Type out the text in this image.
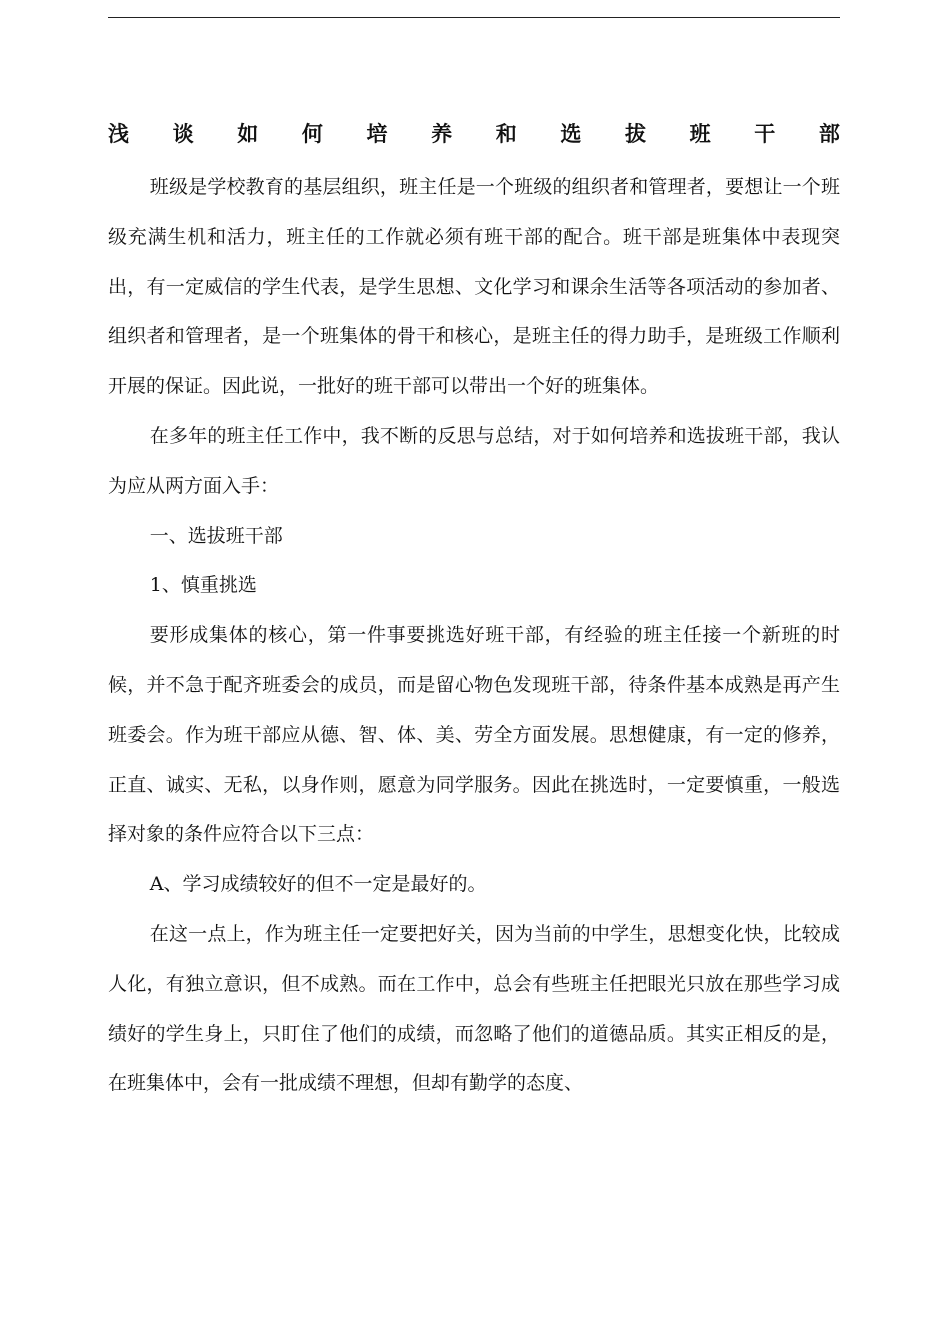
浅 谈 如 何 培 养 和 选 拔 班 干 部

班级是学校教育的基层组织，班主任是一个班级的组织者和管理者，要想让一个班级充满生机和活力，班主任的工作就必须有班干部的配合。班干部是班集体中表现突出，有一定威信的学生代表，是学生思想、文化学习和课余生活等各项活动的参加者、组织者和管理者，是一个班集体的骨干和核心，是班主任的得力助手，是班级工作顺利开展的保证。因此说，一批好的班干部可以带出一个好的班集体。

在多年的班主任工作中，我不断的反思与总结，对于如何培养和选拔班干部，我认为应从两方面入手：

一、选拔班干部

1、慎重挑选

要形成集体的核心，第一件事要挑选好班干部，有经验的班主任接一个新班的时候，并不急于配齐班委会的成员，而是留心物色发现班干部，待条件基本成熟是再产生班委会。作为班干部应从德、智、体、美、劳全方面发展。思想健康，有一定的修养，正直、诚实、无私，以身作则，愿意为同学服务。因此在挑选时，一定要慎重，一般选择对象的条件应符合以下三点：

A、学习成绩较好的但不一定是最好的。

在这一点上，作为班主任一定要把好关，因为当前的中学生，思想变化快，比较成人化，有独立意识，但不成熟。而在工作中，总会有些班主任把眼光只放在那些学习成绩好的学生身上，只盯住了他们的成绩，而忽略了他们的道德品质。其实正相反的是，在班集体中，会有一批成绩不理想，但却有勤学的态度、
